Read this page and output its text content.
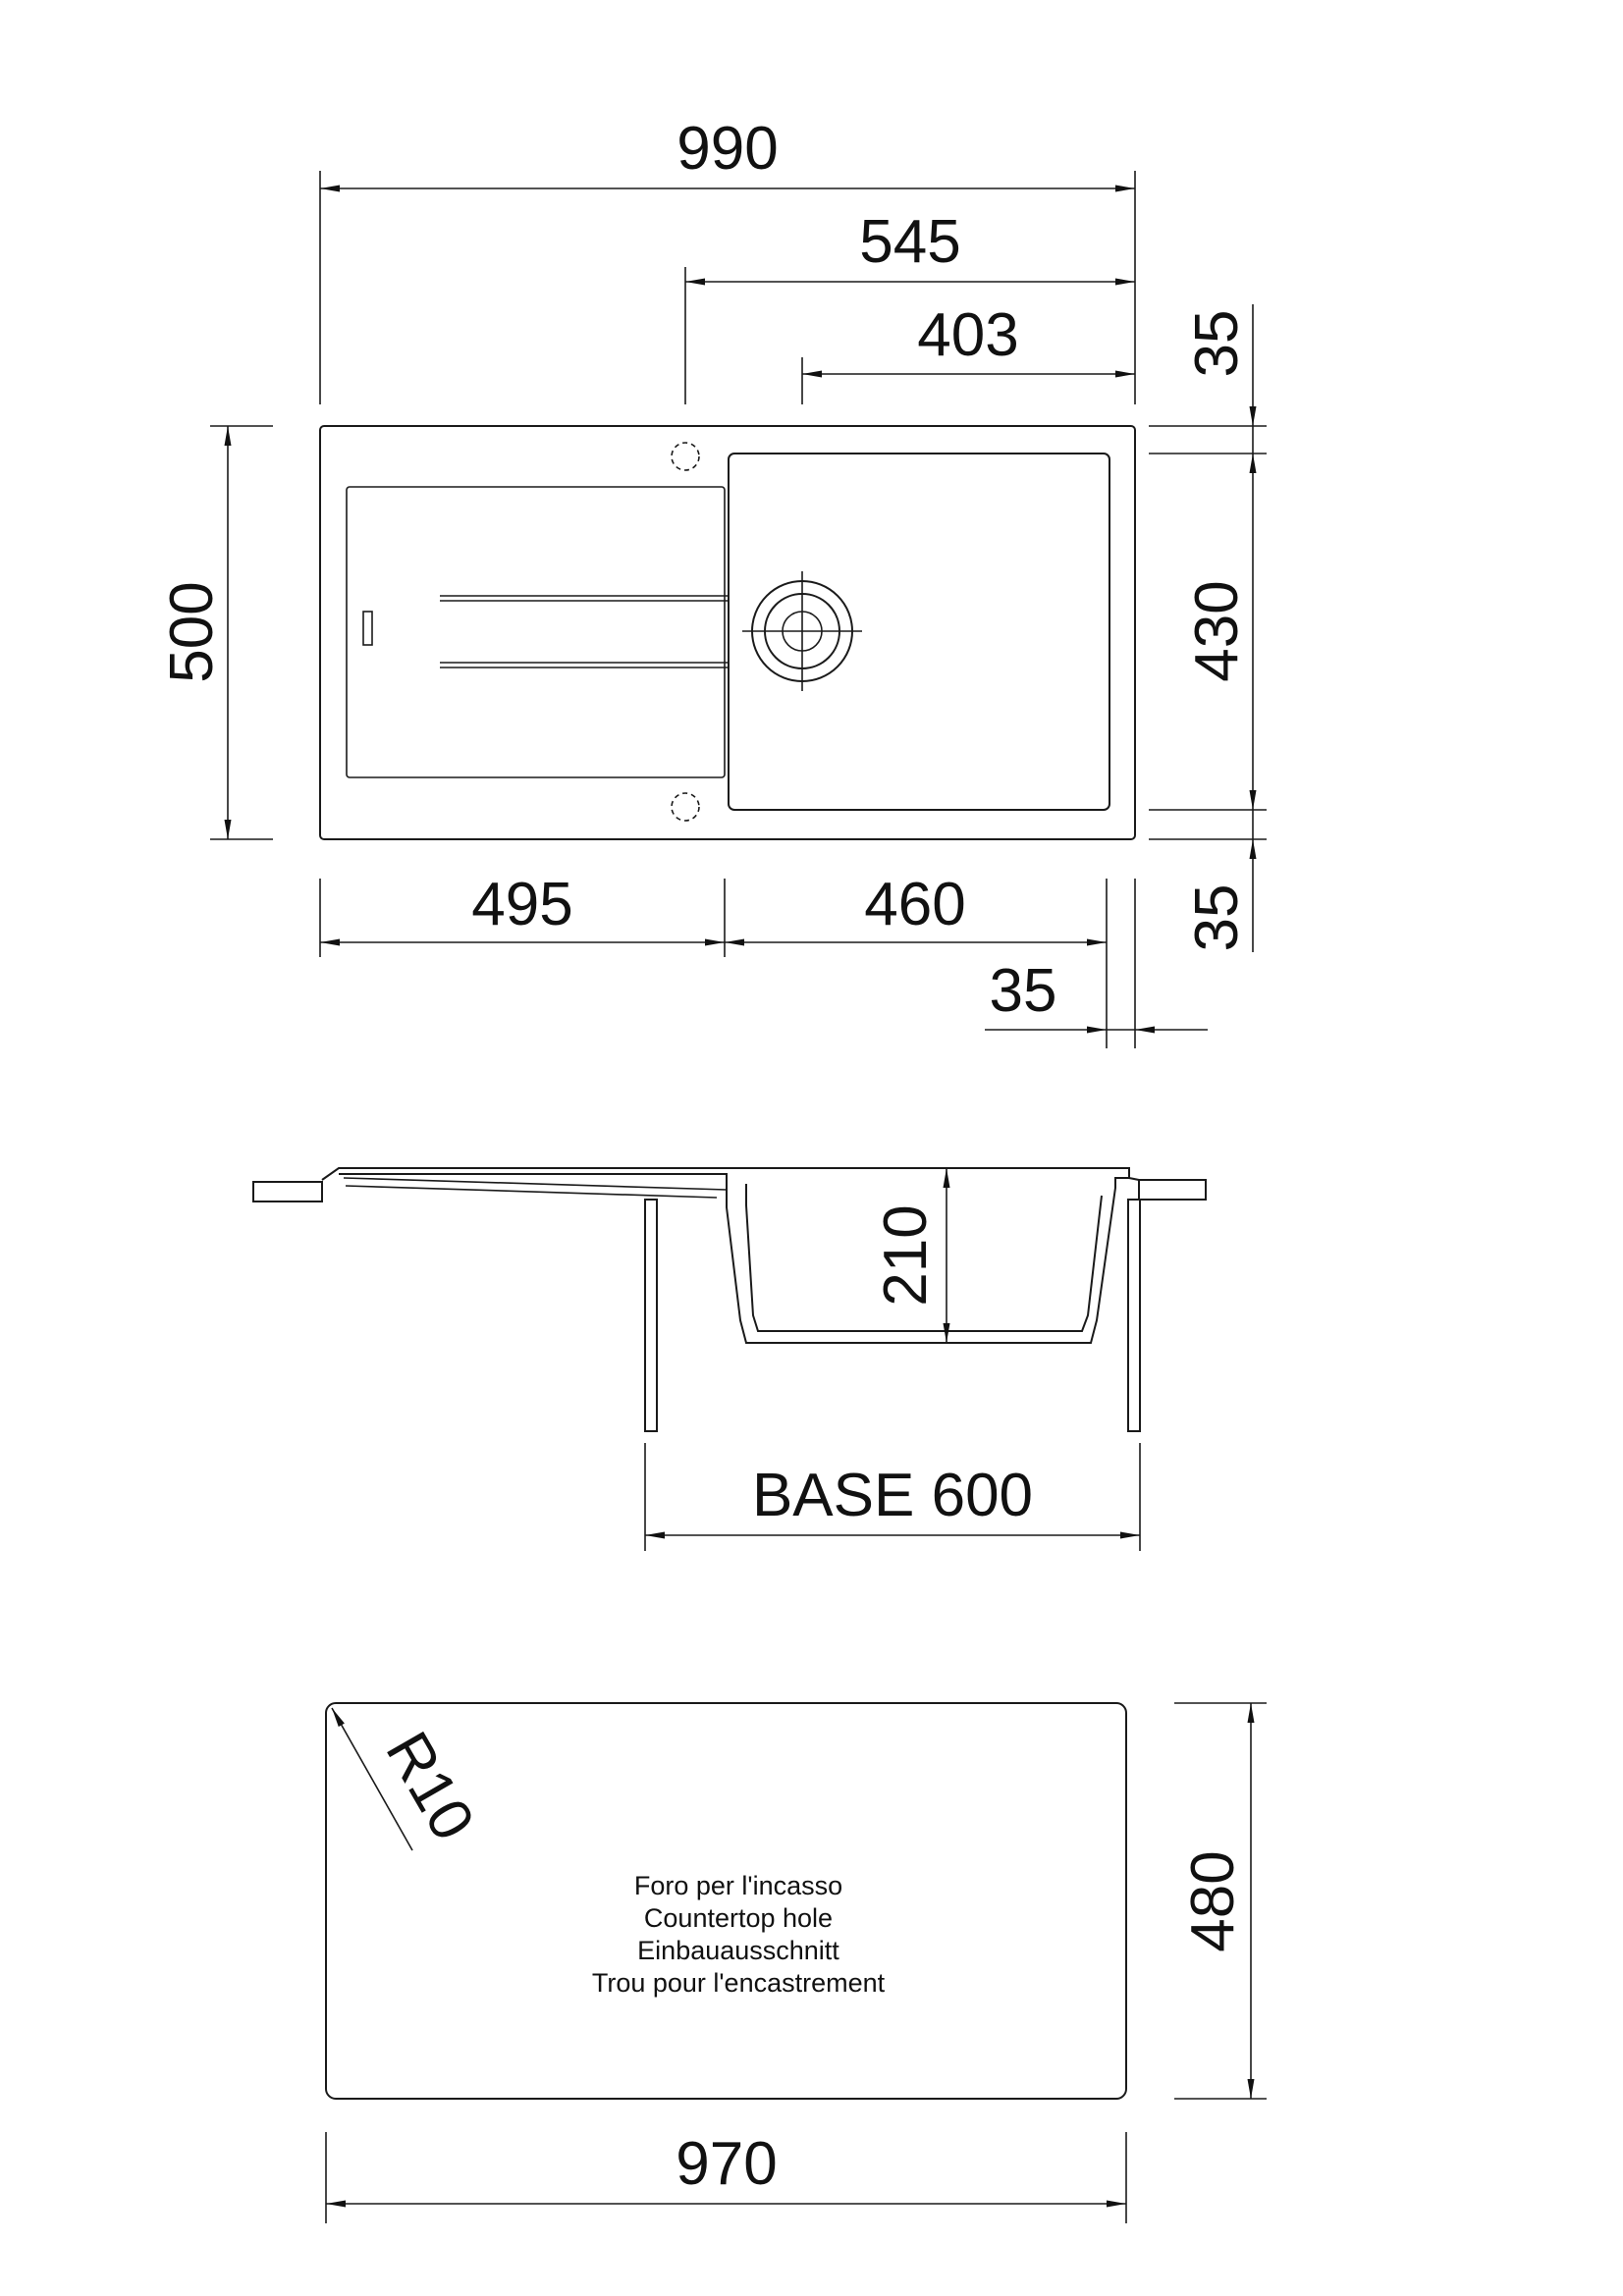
990
545
403
500
35
430
35
495	460
35
210
BASE 600
R10
Foro per l'incasso
Countertop hole
Einbauausschnitt
Trou pour l'encastrement
480
970
